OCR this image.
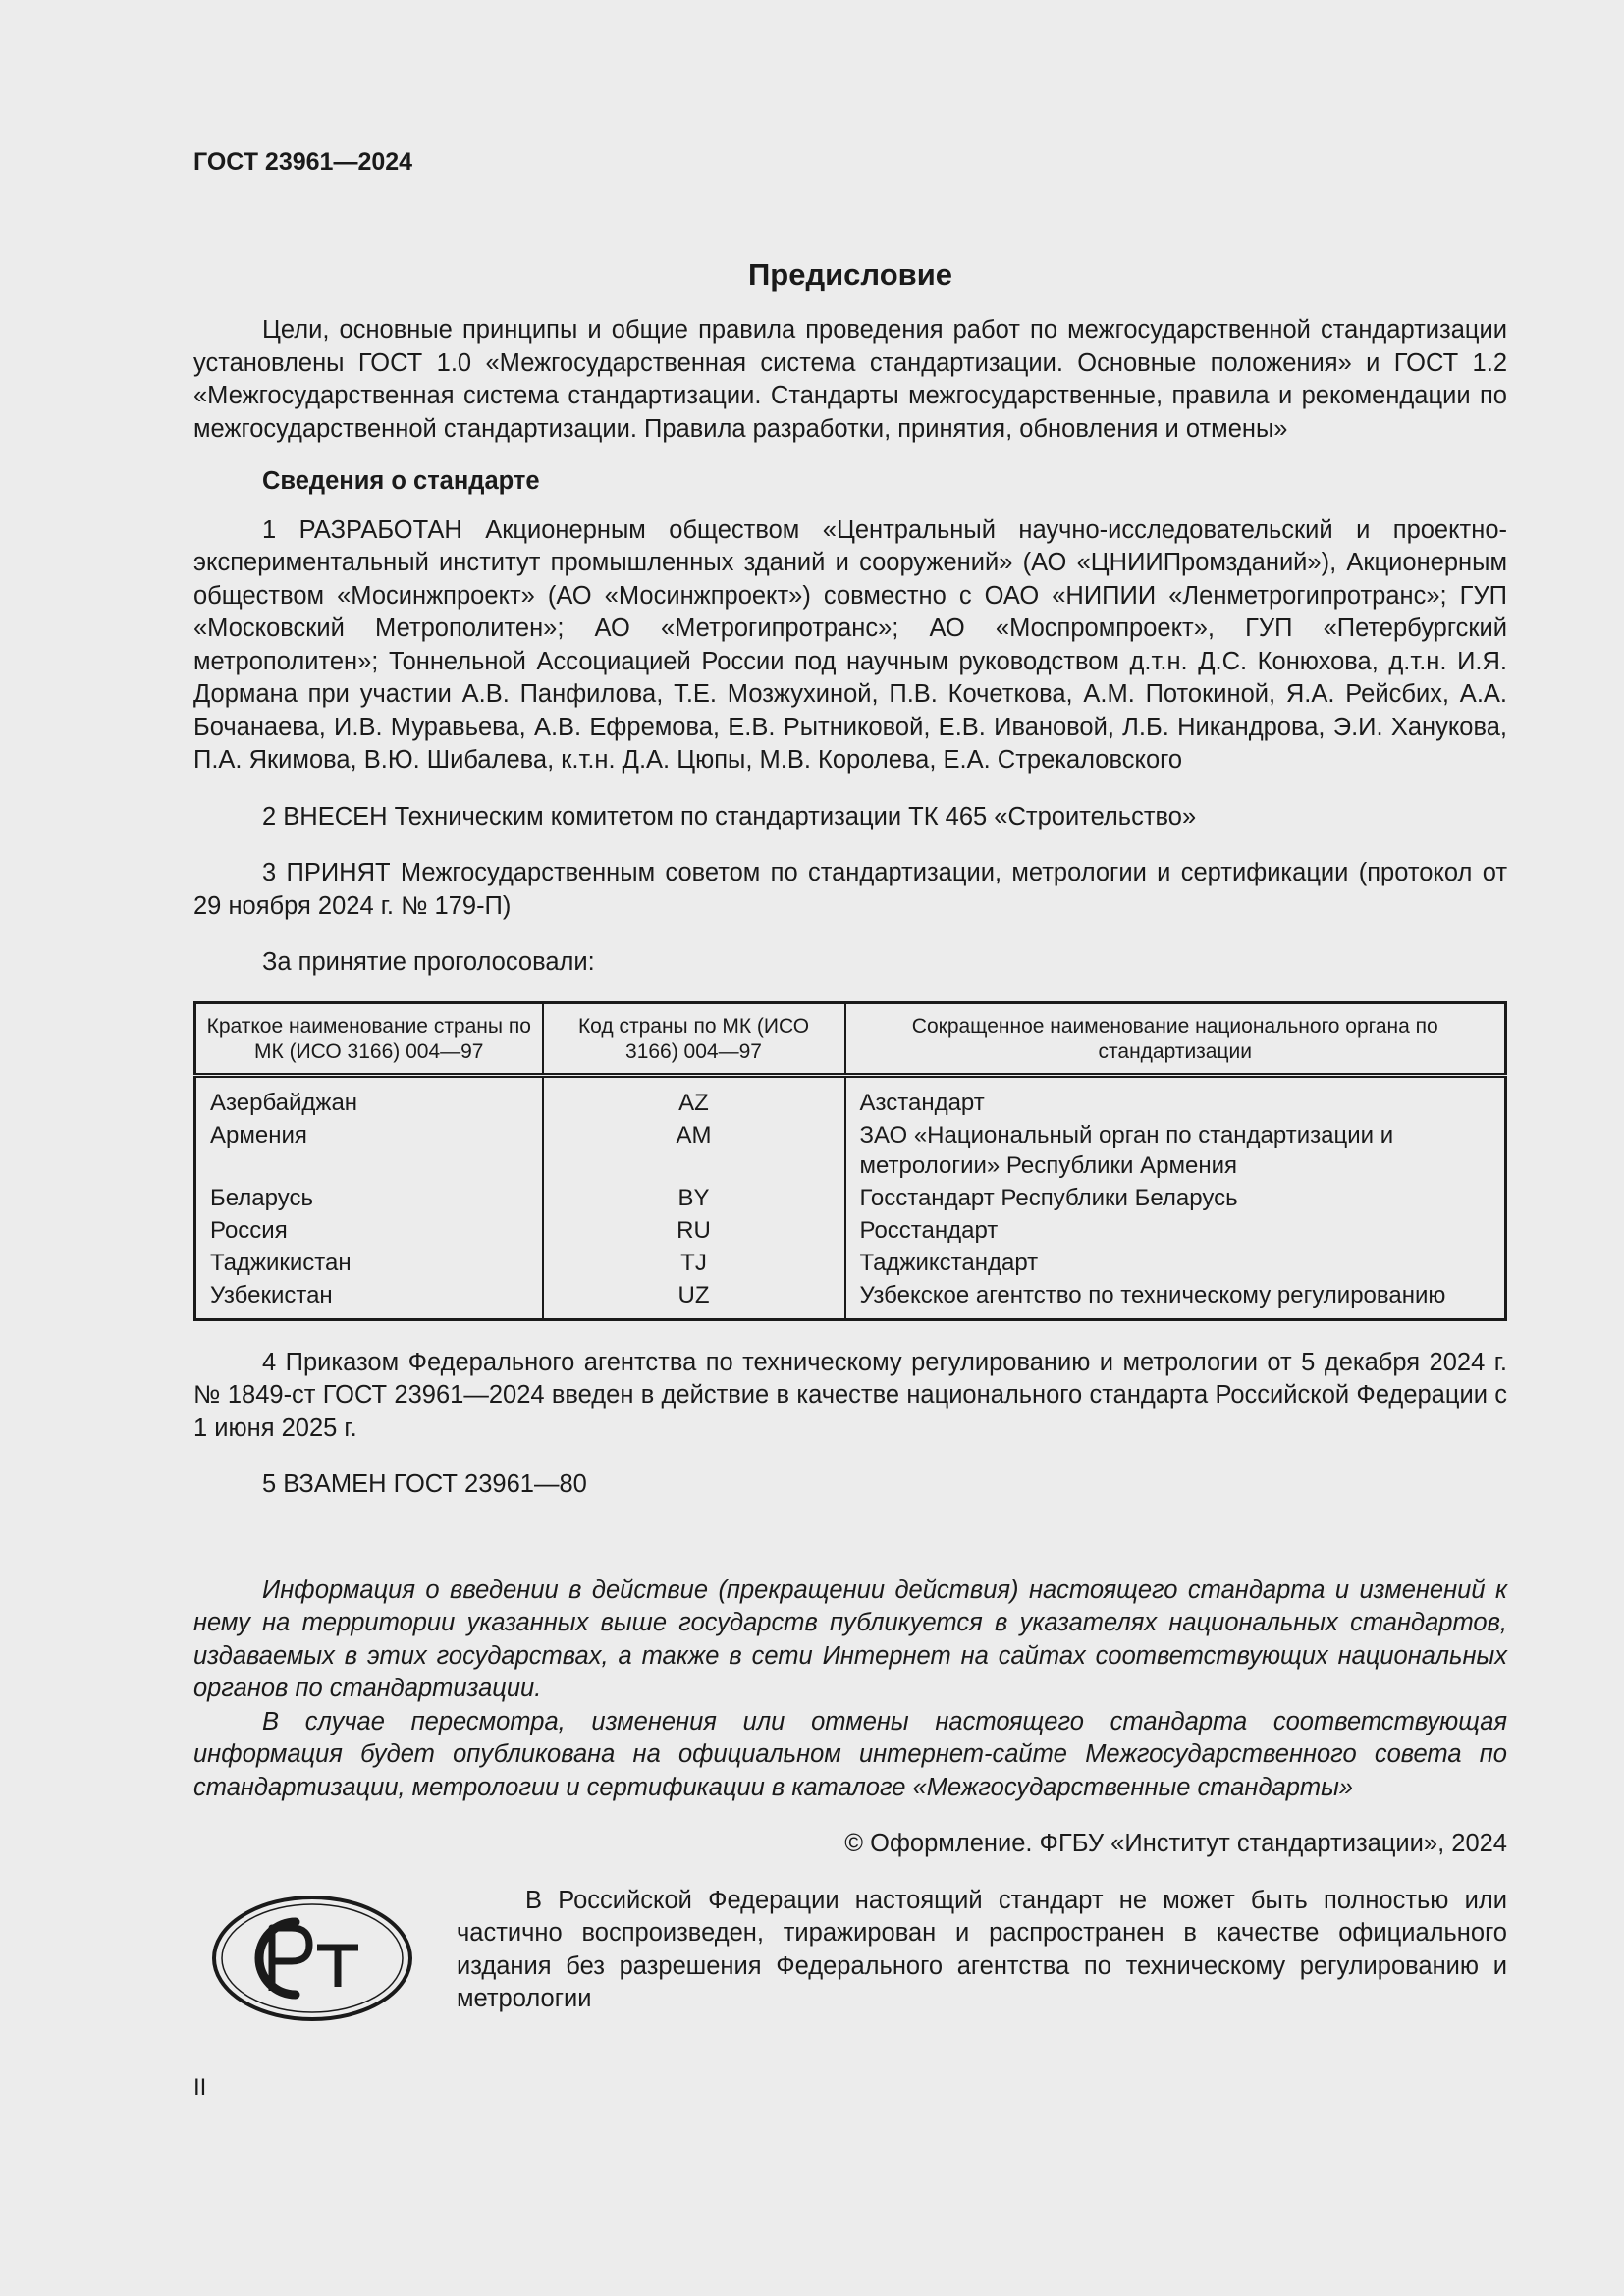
ГОСТ 23961—2024
Предисловие

Цели, основные принципы и общие правила проведения работ по межгосударственной стандартизации установлены ГОСТ 1.0 «Межгосударственная система стандартизации. Основные положения» и ГОСТ 1.2 «Межгосударственная система стандартизации. Стандарты межгосударственные, правила и рекомендации по межгосударственной стандартизации. Правила разработки, принятия, обновления и отмены»

Сведения о стандарте

1 РАЗРАБОТАН Акционерным обществом «Центральный научно-исследовательский и проектно-экспериментальный институт промышленных зданий и сооружений» (АО «ЦНИИПромзданий»), Акционерным обществом «Мосинжпроект» (АО «Мосинжпроект») совместно с ОАО «НИПИИ «Ленметрогипротранс»; ГУП «Московский Метрополитен»; АО «Метрогипротранс»; АО «Моспромпроект», ГУП «Петербургский метрополитен»; Тоннельной Ассоциацией России под научным руководством д.т.н. Д.С. Конюхова, д.т.н. И.Я. Дормана при участии А.В. Панфилова, Т.Е. Мозжухиной, П.В. Кочеткова, А.М. Потокиной, Я.А. Рейсбих, А.А. Бочанаева, И.В. Муравьева, А.В. Ефремова, Е.В. Рытниковой, Е.В. Ивановой, Л.Б. Никандрова, Э.И. Ханукова, П.А. Якимова, В.Ю. Шибалева, к.т.н. Д.А. Цюпы, М.В. Королева, Е.А. Стрекаловского

2 ВНЕСЕН Техническим комитетом по стандартизации ТК 465 «Строительство»

3 ПРИНЯТ Межгосударственным советом по стандартизации, метрологии и сертификации (протокол от 29 ноября 2024 г. № 179-П)

За принятие проголосовали:

Краткое наименование страны по МК (ИСО 3166) 004—97	Код страны по МК (ИСО 3166) 004—97	Сокращенное наименование национального органа по стандартизации
Азербайджан	AZ	Азстандарт
Армения	AM	ЗАО «Национальный орган по стандартизации и метрологии» Республики Армения
Беларусь	BY	Госстандарт Республики Беларусь
Россия	RU	Росстандарт
Таджикистан	TJ	Таджикстандарт
Узбекистан	UZ	Узбекское агентство по техническому регулированию

4 Приказом Федерального агентства по техническому регулированию и метрологии от 5 декабря 2024 г. № 1849-ст ГОСТ 23961—2024 введен в действие в качестве национального стандарта Российской Федерации с 1 июня 2025 г.

5 ВЗАМЕН ГОСТ 23961—80

Информация о введении в действие (прекращении действия) настоящего стандарта и изменений к нему на территории указанных выше государств публикуется в указателях национальных стандартов, издаваемых в этих государствах, а также в сети Интернет на сайтах соответствующих национальных органов по стандартизации.

В случае пересмотра, изменения или отмены настоящего стандарта соответствующая информация будет опубликована на официальном интернет-сайте Межгосударственного совета по стандартизации, метрологии и сертификации в каталоге «Межгосударственные стандарты»

© Оформление. ФГБУ «Институт стандартизации», 2024

В Российской Федерации настоящий стандарт не может быть полностью или частично воспроизведен, тиражирован и распространен в качестве официального издания без разрешения Федерального агентства по техническому регулированию и метрологии

II
